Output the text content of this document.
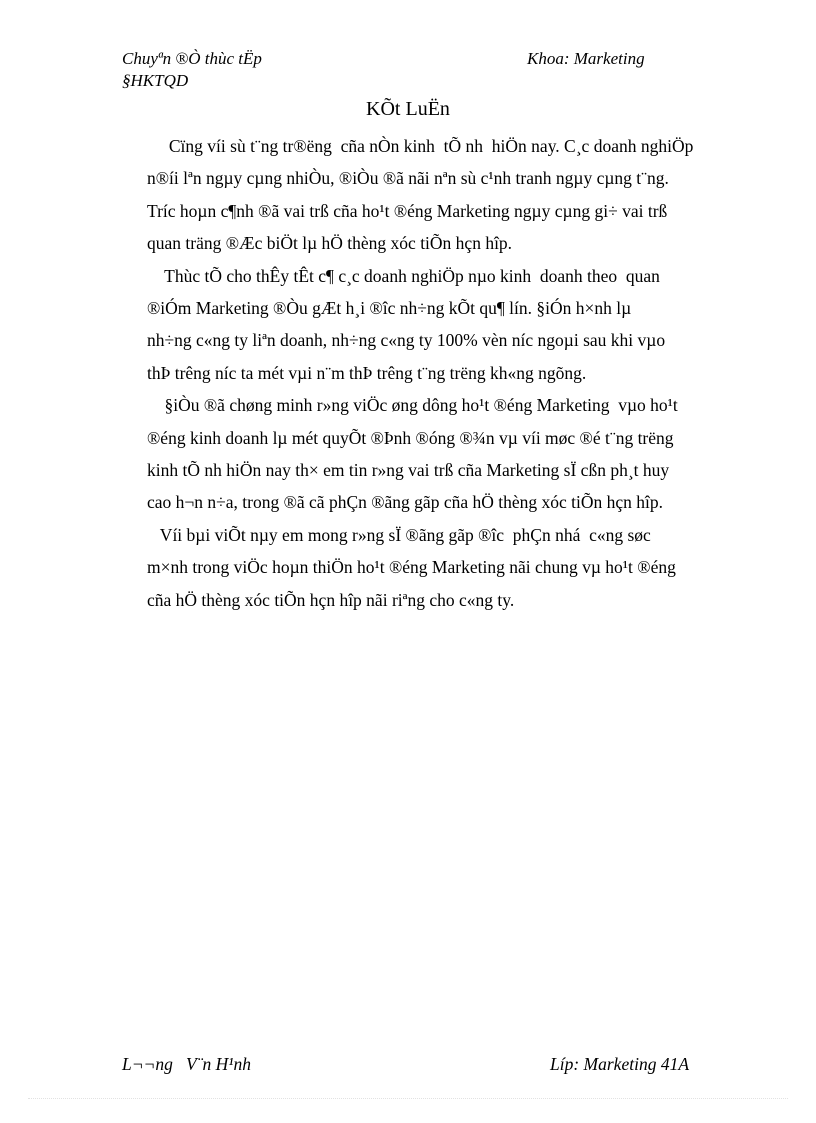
Chuyªn ®Ò thùc tËp	Khoa: Marketing
§HKTQD
KÕt LuËn

Cïng víi sù t¨ng tr®ëng  cña nÒn kinh  tÕ nh  hiÖn nay. C¸c doanh nghiÖp
n®íi lªn ngµy cµng nhiÒu, ®iÒu ®ã nãi nªn sù c¹nh tranh ngµy cµng t¨ng.
Tríc hoµn c¶nh ®ã vai trß cña ho¹t ®éng Marketing ngµy cµng gi÷ vai trß
quan träng ®Æc biÖt lµ hÖ thèng xóc tiÕn hçn hîp.

Thùc tÕ cho thÊy tÊt c¶ c¸c doanh nghiÖp nµo kinh  doanh theo  quan
®iÓm Marketing ®Òu gÆt h¸i ®îc nh÷ng kÕt qu¶ lín. §iÓn h×nh lµ
nh÷ng c«ng ty liªn doanh, nh÷ng c«ng ty 100% vèn níc ngoµi sau khi vµo
thÞ trêng níc ta mét vµi n¨m thÞ trêng t¨ng trëng kh«ng ngõng.

§iÒu ®ã chøng minh r»ng viÖc øng dông ho¹t ®éng Marketing  vµo ho¹t
®éng kinh doanh lµ mét quyÕt ®Þnh ®óng ®¾n vµ víi møc ®é t¨ng trëng
kinh tÕ nh hiÖn nay th× em tin r»ng vai trß cña Marketing sÏ cßn ph¸t huy
cao h¬n n÷a, trong ®ã cã phÇn ®ãng gãp cña hÖ thèng xóc tiÕn hçn hîp.

Víi bµi viÕt nµy em mong r»ng sÏ ®ãng gãp ®îc  phÇn nhá  c«ng søc
m×nh trong viÖc hoµn thiÖn ho¹t ®éng Marketing nãi chung vµ ho¹t ®éng
cña hÖ thèng xóc tiÕn hçn hîp nãi riªng cho c«ng ty.

L¬¬ng   V¨n H¹nh	Líp: Marketing 41A
